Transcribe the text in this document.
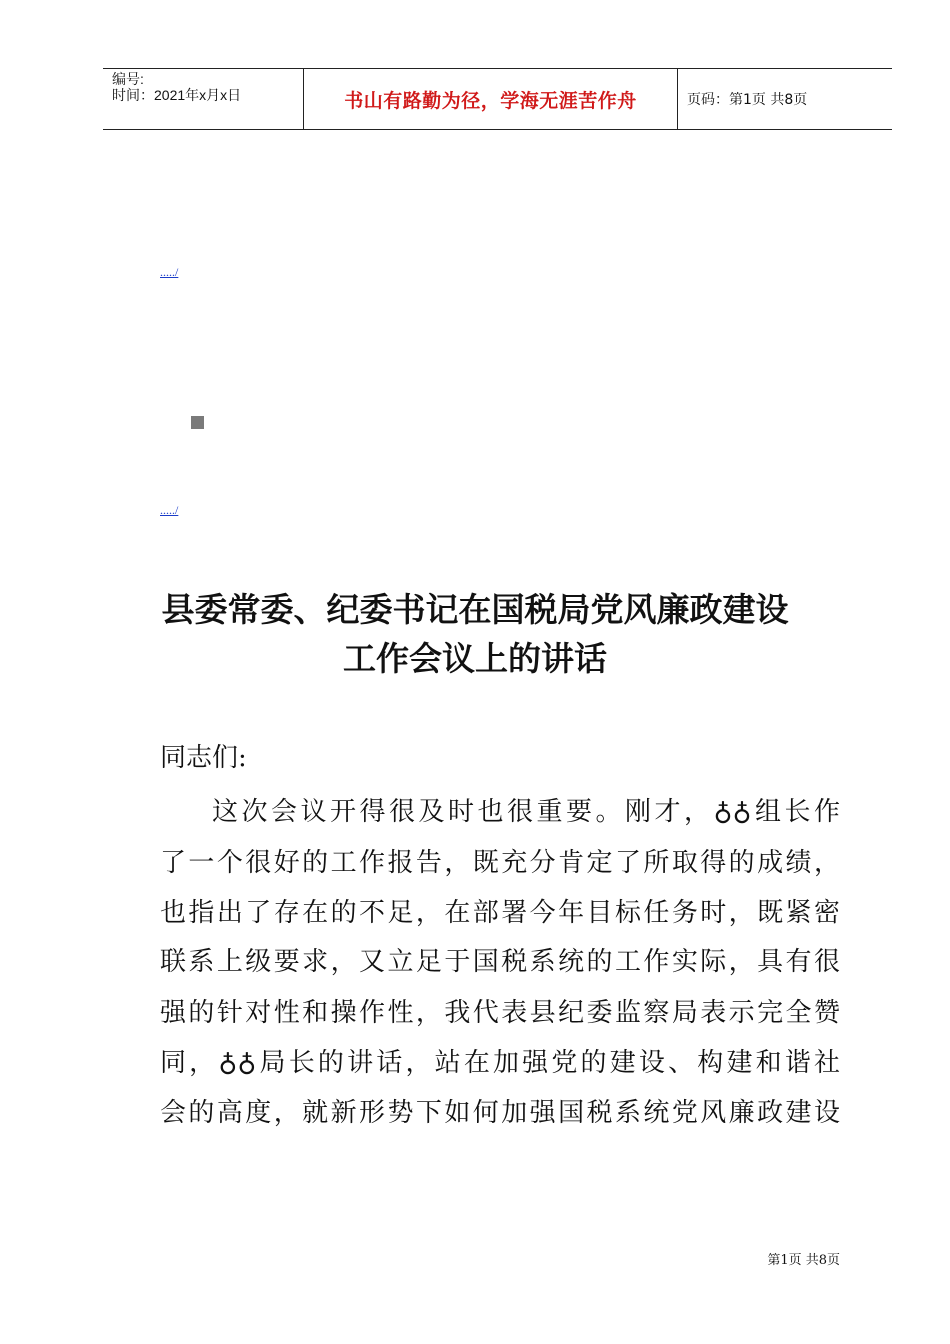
编号:
时间：2021年x月x日	书山有路勤为径，学海无涯苦作舟	页码：第1页 共8页
...../
...../
县委常委、纪委书记在国税局党风廉政建设
工作会议上的讲话

同志们:

这次会议开得很及时也很重要。刚才，♁♁组长作

了一个很好的工作报告，既充分肯定了所取得的成绩，

也指出了存在的不足，在部署今年目标任务时，既紧密

联系上级要求，又立足于国税系统的工作实际，具有很

强的针对性和操作性，我代表县纪委监察局表示完全赞

同，♁♁局长的讲话，站在加强党的建设、构建和谐社

会的高度，就新形势下如何加强国税系统党风廉政建设

第1页 共8页
